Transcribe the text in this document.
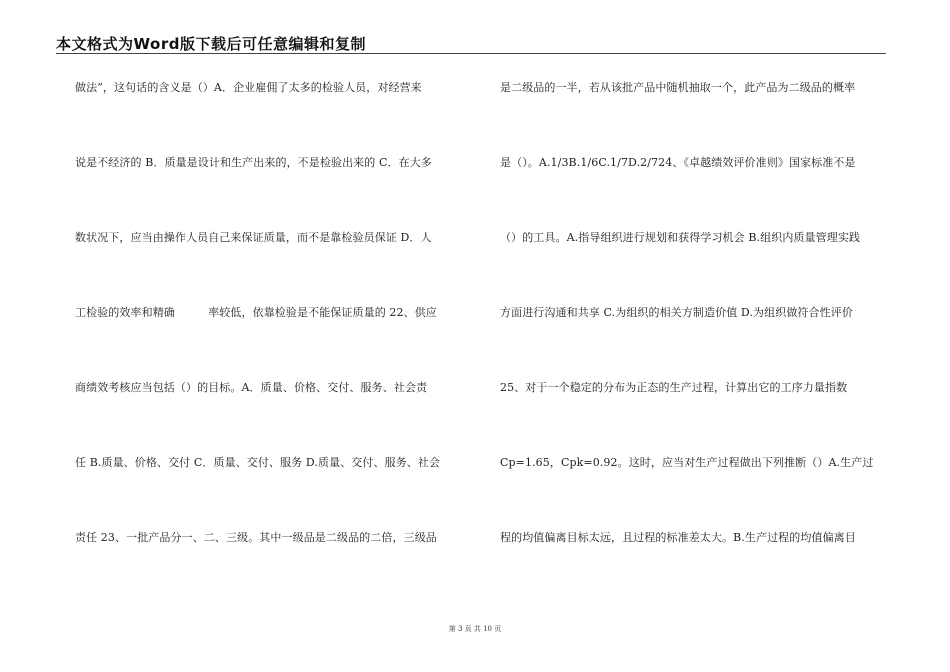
本文格式为Word版下载后可任意编辑和复制
做法”，这句话的含义是（）A．企业雇佣了太多的检验人员，对经营来
说是不经济的 B．质量是设计和生产出来的，不是检验出来的 C．在大多
数状况下，应当由操作人员自己来保证质量，而不是靠检验员保证 D．人
工检验的效率和精确　　　率较低，依靠检验是不能保证质量的 22、供应
商绩效考核应当包括（）的目标。A．质量、价格、交付、服务、社会责
任 B.质量、价格、交付 C．质量、交付、服务 D.质量、交付、服务、社会
责任 23、一批产品分一、二、三级。其中一级品是二级品的二倍，三级品
是二级品的一半，若从该批产品中随机抽取一个，此产品为二级品的概率
是（）。A.1/3B.1/6C.1/7D.2/724、《卓越绩效评价准则》国家标准不是
（）的工具。A.指导组织进行规划和获得学习机会 B.组织内质量管理实践
方面进行沟通和共享 C.为组织的相关方制造价值 D.为组织做符合性评价
25、对于一个稳定的分布为正态的生产过程，计算出它的工序力量指数
Cp=1.65，Cpk=0.92。这时，应当对生产过程做出下列推断（）A.生产过
程的均值偏离目标太远，且过程的标准差太大。B.生产过程的均值偏离目
第 3 页 共 10 页
